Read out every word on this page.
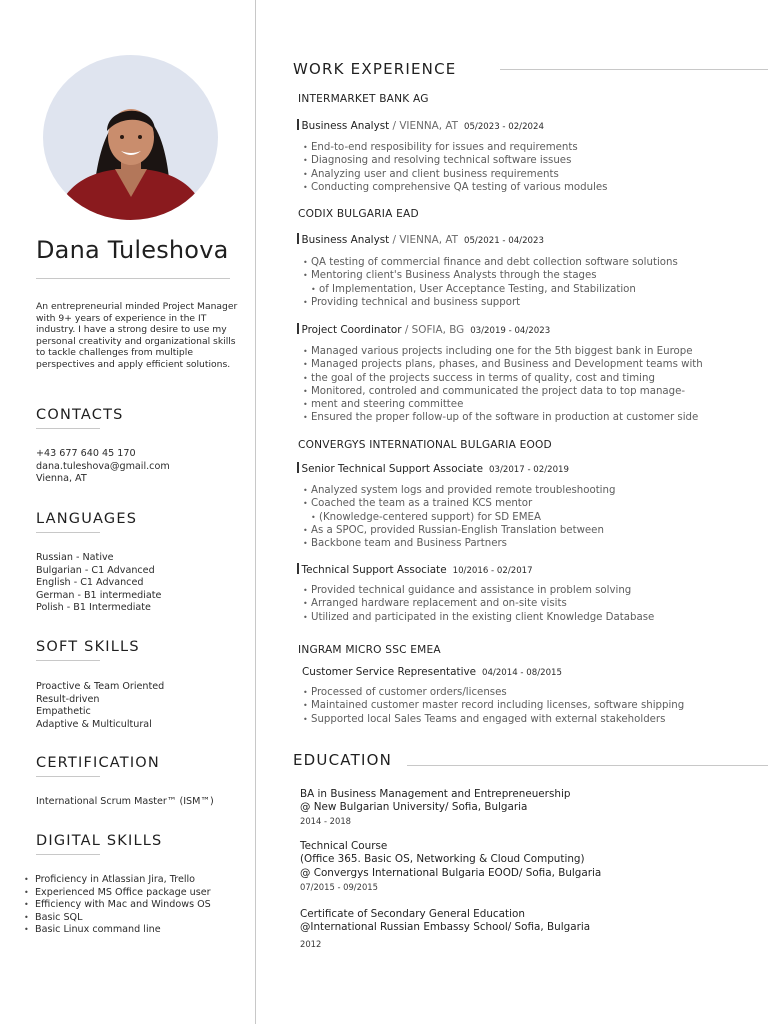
Dana Tuleshova
An entrepreneurial minded Project Manager with 9+ years of experience in the IT industry. I have a strong desire to use my personal creativity and organizational skills to tackle challenges from multiple perspectives and apply efficient solutions.
CONTACTS
+43 677 640 45 170
dana.tuleshova@gmail.com
Vienna, AT
LANGUAGES
Russian - Native
Bulgarian - C1 Advanced
English - C1 Advanced
German - B1 intermediate
Polish - B1 Intermediate
SOFT SKILLS
Proactive & Team Oriented
Result-driven
Empathetic
Adaptive & Multicultural
CERTIFICATION
International Scrum Master™ (ISM™)
DIGITAL SKILLS
• Proficiency in Atlassian Jira, Trello
• Experienced MS Office package user
• Efficiency with Mac and Windows OS
• Basic SQL
• Basic Linux command line
WORK EXPERIENCE
INTERMARKET BANK AG
Business Analyst / VIENNA, AT 05/2023 - 02/2024
• End-to-end resposibility for issues and requirements
• Diagnosing and resolving technical software issues
• Analyzing user and client business requirements
• Conducting comprehensive QA testing of various modules
CODIX BULGARIA EAD
Business Analyst / VIENNA, AT 05/2021 - 04/2023
• QA testing of commercial finance and debt collection software solutions
• Mentoring client's Business Analysts through the stages
• of Implementation, User Acceptance Testing, and Stabilization
• Providing technical and business support
Project Coordinator / SOFIA, BG 03/2019 - 04/2023
• Managed various projects including one for the 5th biggest bank in Europe
• Managed projects plans, phases, and Business and Development teams with
• the goal of the projects success in terms of quality, cost and timing
• Monitored, controled and communicated the project data to top manage-
• ment and steering committee
• Ensured the proper follow-up of the software in production at customer side
CONVERGYS INTERNATIONAL BULGARIA EOOD
Senior Technical Support Associate 03/2017 - 02/2019
• Analyzed system logs and provided remote troubleshooting
• Coached the team as a trained KCS mentor
• (Knowledge-centered support) for SD EMEA
• As a SPOC, provided Russian-English Translation between
• Backbone team and Business Partners
Technical Support Associate 10/2016 - 02/2017
• Provided technical guidance and assistance in problem solving
• Arranged hardware replacement and on-site visits
• Utilized and participated in the existing client Knowledge Database
INGRAM MICRO SSC EMEA
Customer Service Representative 04/2014 - 08/2015
• Processed of customer orders/licenses
• Maintained customer master record including licenses, software shipping
• Supported local Sales Teams and engaged with external stakeholders
EDUCATION
BA in Business Management and Entrepreneuership
@ New Bulgarian University/ Sofia, Bulgaria
2014 - 2018
Technical Course
(Office 365. Basic OS, Networking & Cloud Computing)
@ Convergys International Bulgaria EOOD/ Sofia, Bulgaria
07/2015 - 09/2015
Certificate of Secondary General Education
@International Russian Embassy School/ Sofia, Bulgaria
2012
